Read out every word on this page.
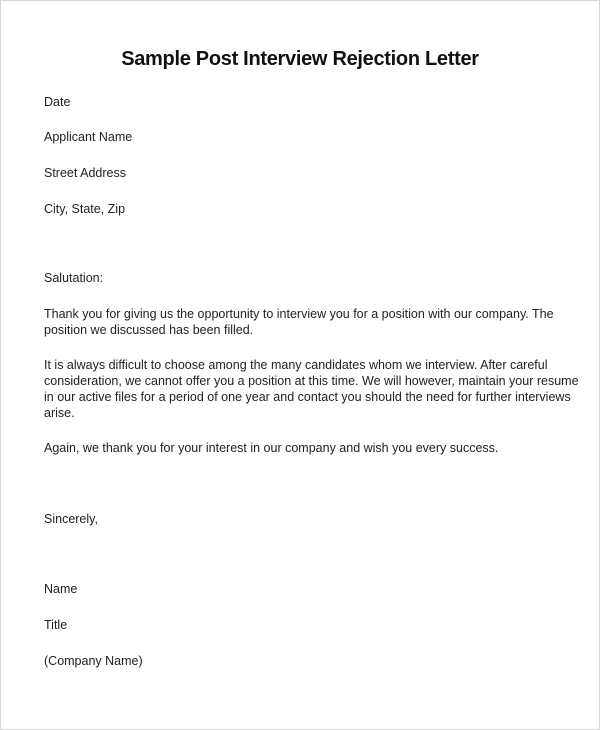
Sample Post Interview Rejection Letter
Date
Applicant Name
Street Address
City, State, Zip
Salutation:
Thank you for giving us the opportunity to interview you for a position with our company. The
position we discussed has been filled.
It is always difficult to choose among the many candidates whom we interview. After careful
consideration, we cannot offer you a position at this time. We will however, maintain your resume
in our active files for a period of one year and contact you should the need for further interviews
arise.
Again, we thank you for your interest in our company and wish you every success.
Sincerely,
Name
Title
(Company Name)
